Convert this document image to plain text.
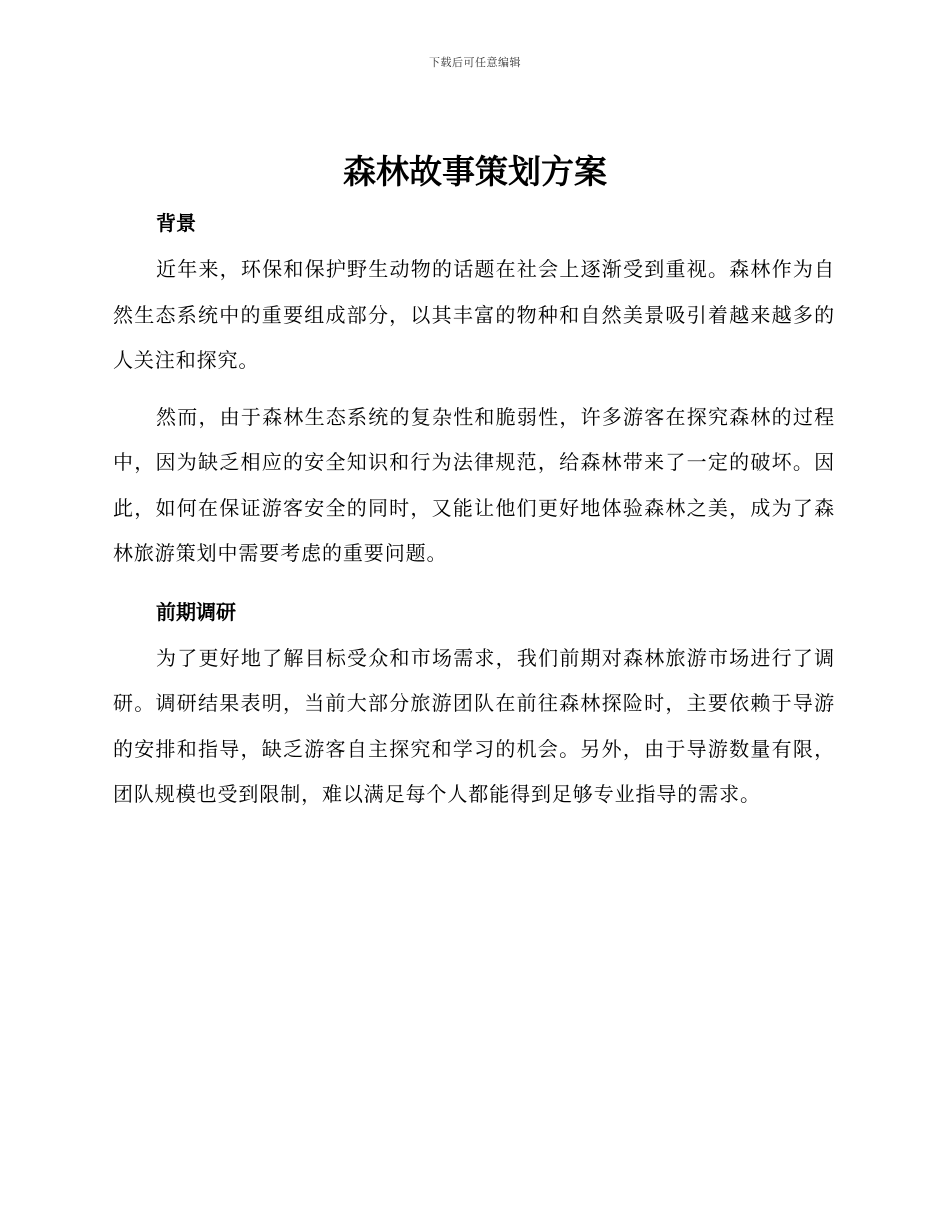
下载后可任意编辑
森林故事策划方案
背景

近年来，环保和保护野生动物的话题在社会上逐渐受到重视。森林作为自然生态系统中的重要组成部分，以其丰富的物种和自然美景吸引着越来越多的人关注和探究。

然而，由于森林生态系统的复杂性和脆弱性，许多游客在探究森林的过程中，因为缺乏相应的安全知识和行为法律规范，给森林带来了一定的破坏。因此，如何在保证游客安全的同时，又能让他们更好地体验森林之美，成为了森林旅游策划中需要考虑的重要问题。

前期调研

为了更好地了解目标受众和市场需求，我们前期对森林旅游市场进行了调研。调研结果表明，当前大部分旅游团队在前往森林探险时，主要依赖于导游的安排和指导，缺乏游客自主探究和学习的机会。另外，由于导游数量有限，团队规模也受到限制，难以满足每个人都能得到足够专业指导的需求。
